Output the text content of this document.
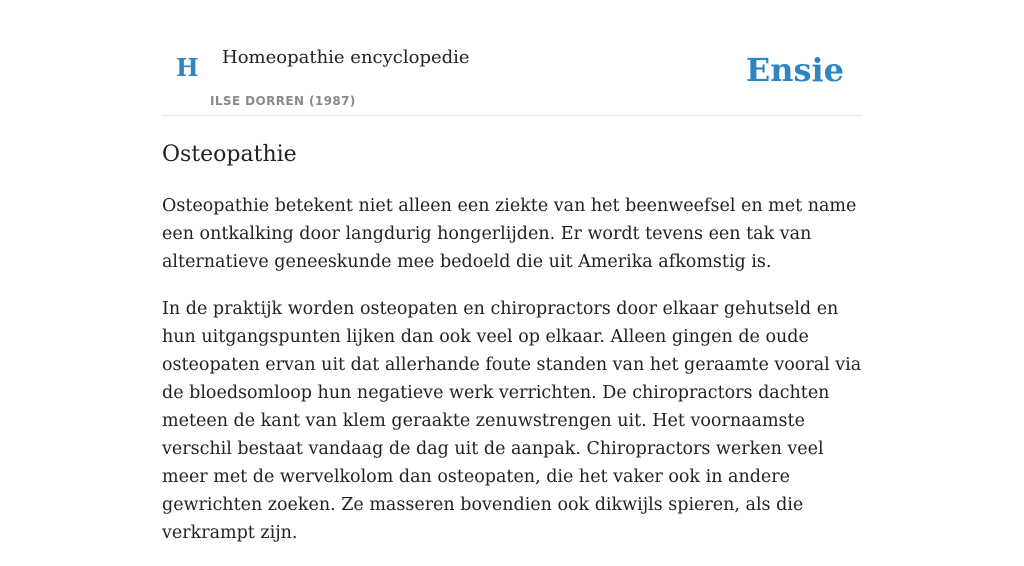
H Homeopathie encyclopedie
ILSE DORREN (1987)
Ensie
Osteopathie

Osteopathie betekent niet alleen een ziekte van het beenweefsel en met name een ontkalking door langdurig hongerlijden. Er wordt tevens een tak van alternatieve geneeskunde mee bedoeld die uit Amerika afkomstig is.

In de praktijk worden osteopaten en chiropractors door elkaar gehutseld en hun uitgangspunten lijken dan ook veel op elkaar. Alleen gingen de oude osteopaten ervan uit dat allerhande foute standen van het geraamte vooral via de bloedsomloop hun negatieve werk verrichten. De chiropractors dachten meteen de kant van klem geraakte zenuwstrengen uit. Het voornaamste verschil bestaat vandaag de dag uit de aanpak. Chiropractors werken veel meer met de wervelkolom dan osteopaten, die het vaker ook in andere gewrichten zoeken. Ze masseren bovendien ook dikwijls spieren, als die verkrampt zijn.
